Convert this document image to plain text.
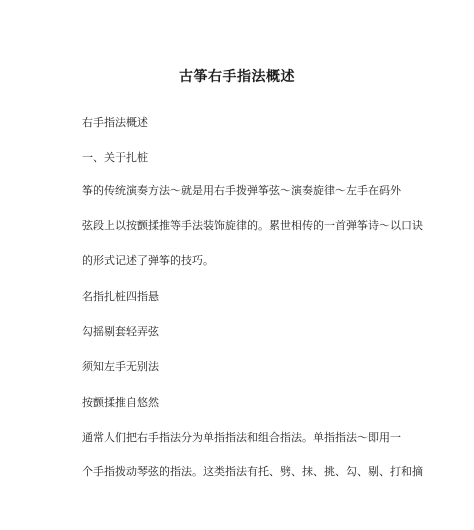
古筝右手指法概述

右手指法概述

一、关于扎桩

筝的传统演奏方法～就是用右手拨弹筝弦～演奏旋律～左手在码外

弦段上以按颤揉推等手法装饰旋律的。累世相传的一首弹筝诗～以口诀

的形式记述了弹筝的技巧。

名指扎桩四指悬

勾摇剔套轻弄弦

须知左手无别法

按颤揉推自悠然

通常人们把右手指法分为单指指法和组合指法。单指指法～即用一

个手指拨动琴弦的指法。这类指法有托、劈、抹、挑、勾、剔、打和摘
